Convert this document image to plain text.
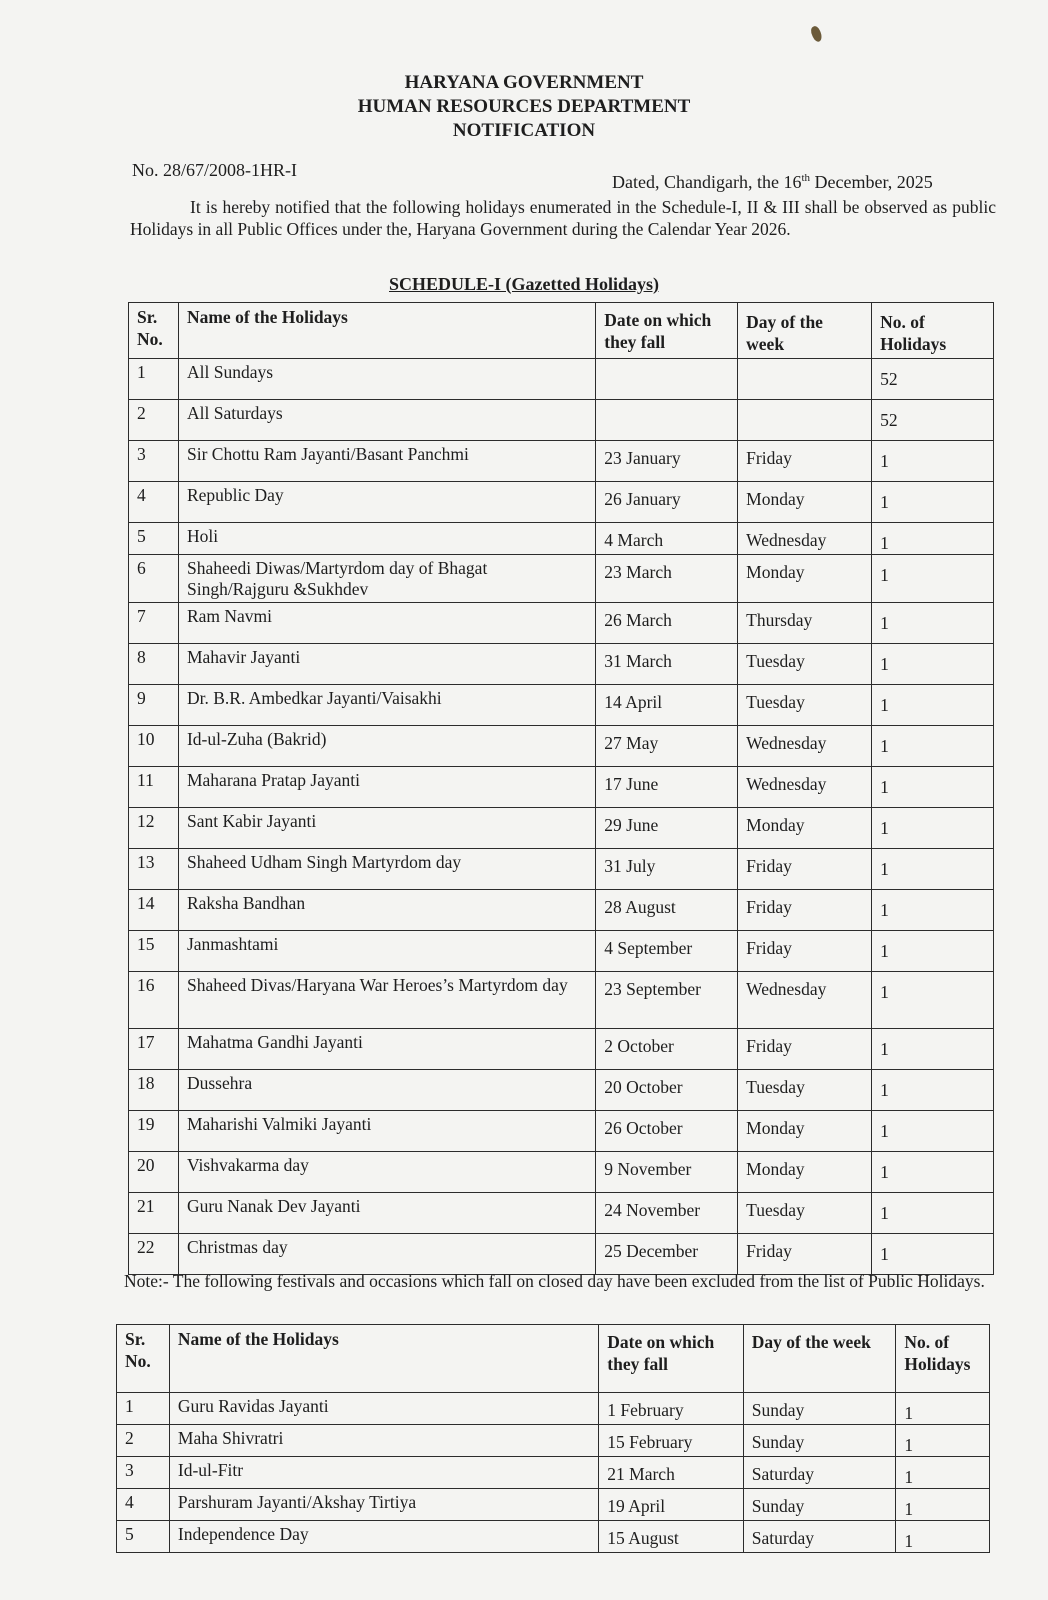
HARYANA GOVERNMENT
HUMAN RESOURCES DEPARTMENT
NOTIFICATION
No. 28/67/2008-1HR-I
Dated, Chandigarh, the 16th December, 2025

It is hereby notified that the following holidays enumerated in the Schedule-I, II & III shall be observed as public Holidays in all Public Offices under the, Haryana Government during the Calendar Year 2026.

SCHEDULE-I (Gazetted Holidays)
Sr. No.	Name of the Holidays	Date on which they fall	Day of the week	No. of Holidays
1	All Sundays			52
2	All Saturdays			52
3	Sir Chottu Ram Jayanti/Basant Panchmi	23 January	Friday	1
4	Republic Day	26 January	Monday	1
5	Holi	4 March	Wednesday	1
6	Shaheedi Diwas/Martyrdom day of Bhagat Singh/Rajguru &Sukhdev	23 March	Monday	1
7	Ram Navmi	26 March	Thursday	1
8	Mahavir Jayanti	31 March	Tuesday	1
9	Dr. B.R. Ambedkar Jayanti/Vaisakhi	14 April	Tuesday	1
10	Id-ul-Zuha (Bakrid)	27 May	Wednesday	1
11	Maharana Pratap Jayanti	17 June	Wednesday	1
12	Sant Kabir Jayanti	29 June	Monday	1
13	Shaheed Udham Singh Martyrdom day	31 July	Friday	1
14	Raksha Bandhan	28 August	Friday	1
15	Janmashtami	4 September	Friday	1
16	Shaheed Divas/Haryana War Heroes’s Martyrdom day	23 September	Wednesday	1
17	Mahatma Gandhi Jayanti	2 October	Friday	1
18	Dussehra	20 October	Tuesday	1
19	Maharishi Valmiki Jayanti	26 October	Monday	1
20	Vishvakarma day	9 November	Monday	1
21	Guru Nanak Dev Jayanti	24 November	Tuesday	1
22	Christmas day	25 December	Friday	1
Note:- The following festivals and occasions which fall on closed day have been excluded from the list of Public Holidays.
Sr. No.	Name of the Holidays	Date on which they fall	Day of the week	No. of Holidays
1	Guru Ravidas Jayanti	1 February	Sunday	1
2	Maha Shivratri	15 February	Sunday	1
3	Id-ul-Fitr	21 March	Saturday	1
4	Parshuram Jayanti/Akshay Tirtiya	19 April	Sunday	1
5	Independence Day	15 August	Saturday	1
